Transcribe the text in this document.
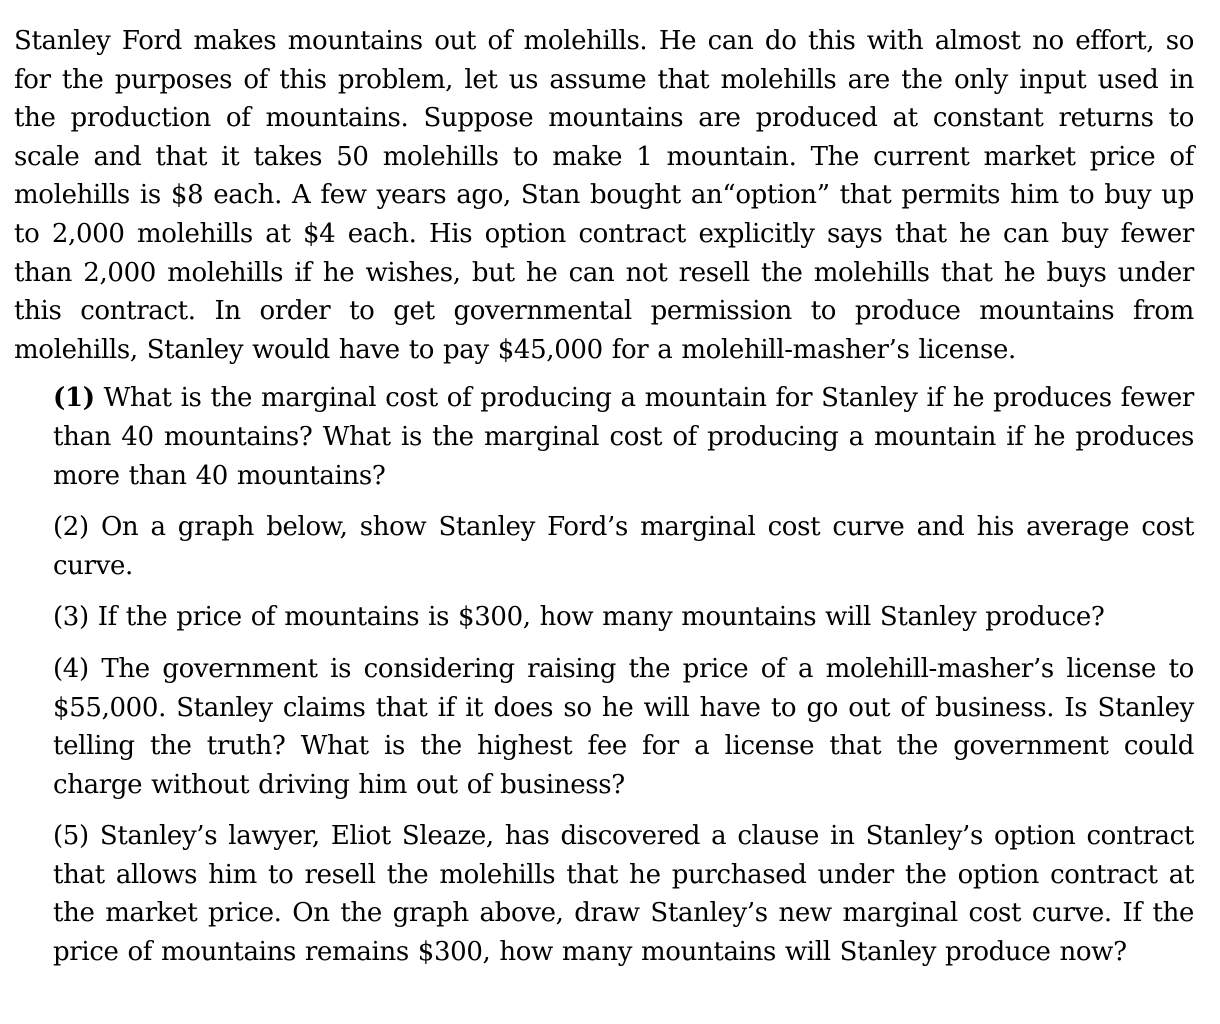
Stanley Ford makes mountains out of molehills. He can do this with almost no effort, so for the purposes of this problem, let us assume that molehills are the only input used in the production of mountains. Suppose mountains are produced at constant returns to scale and that it takes 50 molehills to make 1 mountain. The current market price of molehills is $8 each. A few years ago, Stan bought an“option” that permits him to buy up to 2,000 molehills at $4 each. His option contract explicitly says that he can buy fewer than 2,000 molehills if he wishes, but he can not resell the molehills that he buys under this contract. In order to get governmental permission to produce mountains from molehills, Stanley would have to pay $45,000 for a molehill-masher’s license.

(1) What is the marginal cost of producing a mountain for Stanley if he produces fewer than 40 mountains? What is the marginal cost of producing a mountain if he produces more than 40 mountains?
(2) On a graph below, show Stanley Ford’s marginal cost curve and his average cost curve.
(3) If the price of mountains is $300, how many mountains will Stanley produce?
(4) The government is considering raising the price of a molehill-masher’s license to $55,000. Stanley claims that if it does so he will have to go out of business. Is Stanley telling the truth? What is the highest fee for a license that the government could charge without driving him out of business?
(5) Stanley’s lawyer, Eliot Sleaze, has discovered a clause in Stanley’s option contract that allows him to resell the molehills that he purchased under the option contract at the market price. On the graph above, draw Stanley’s new marginal cost curve. If the price of mountains remains $300, how many mountains will Stanley produce now?
